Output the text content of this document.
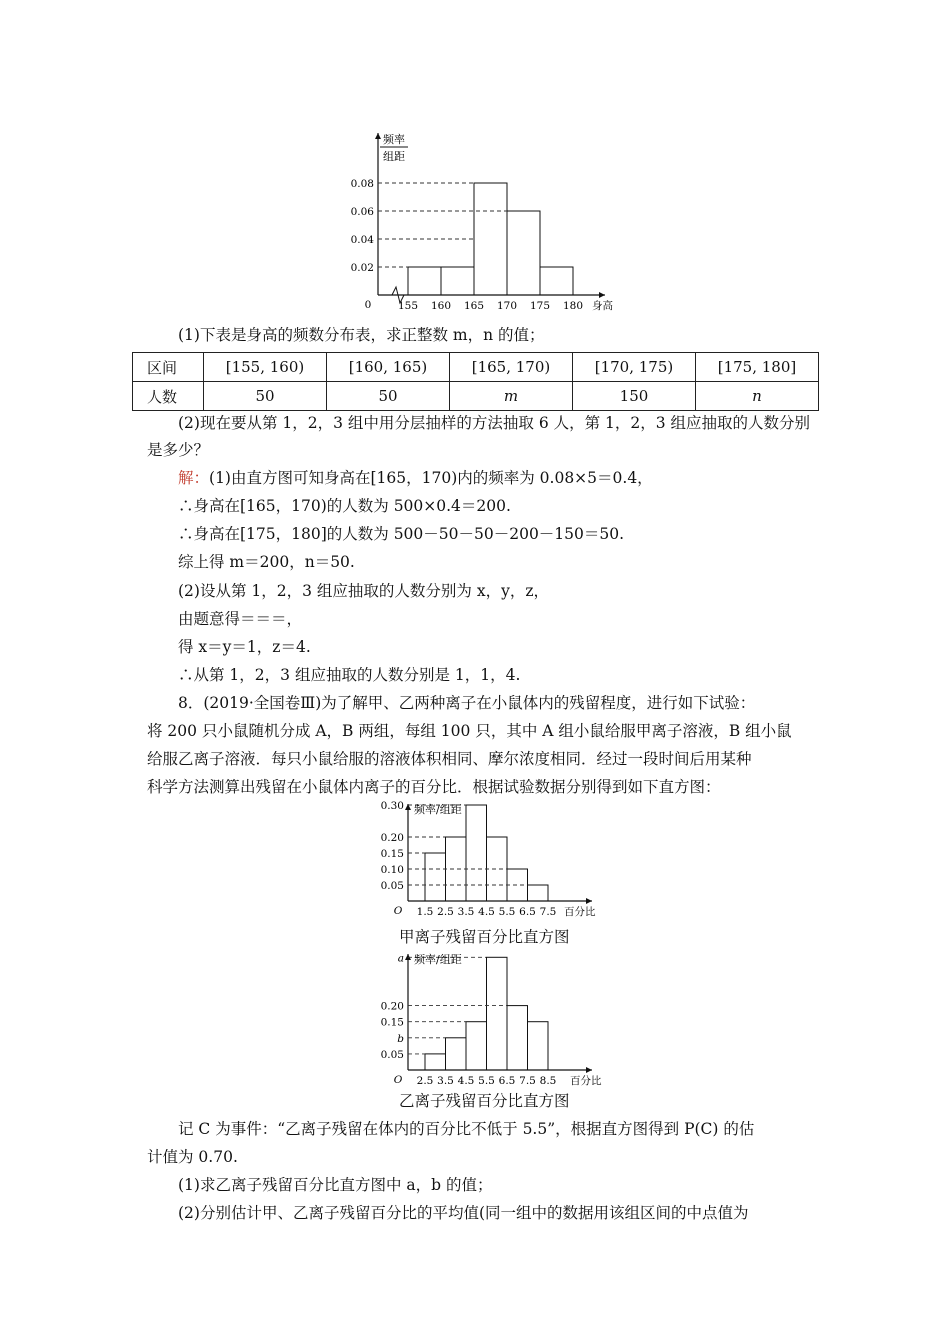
0	155 160 165 170 175 180 身高
0.02
0.04
0.06
0.08
频率
组距
(1)下表是身高的频数分布表，求正整数 m，n 的值；
区间	[155, 160)	[160, 165)	[165, 170)	[170, 175)	[175, 180]
人数	50	50	m	150	n
(2)现在要从第 1，2，3 组中用分层抽样的方法抽取 6 人，第 1，2，3 组应抽取的人数分别
是多少？
解：(1)由直方图可知身高在[165，170)内的频率为 0.08×5＝0.4，
∴身高在[165，170)的人数为 500×0.4＝200.
∴身高在[175，180]的人数为 500－50－50－200－150＝50.
综上得 m＝200，n＝50.
(2)设从第 1，2，3 组应抽取的人数分别为 x，y，z，
由题意得＝＝＝，
得 x＝y＝1，z＝4.
∴从第 1，2，3 组应抽取的人数分别是 1，1，4.
8．(2019·全国卷Ⅲ)为了解甲、乙两种离子在小鼠体内的残留程度，进行如下试验：
将 200 只小鼠随机分成 A，B 两组，每组 100 只，其中 A 组小鼠给服甲离子溶液，B 组小鼠
给服乙离子溶液．每只小鼠给服的溶液体积相同、摩尔浓度相同．经过一段时间后用某种
科学方法测算出残留在小鼠体内离子的百分比．根据试验数据分别得到如下直方图：
O 1.5 2.5 3.5 4.5 5.5 6.5 7.5 百分比
0.05
0.10
0.15
0.20
0.30 频率/组距
甲离子残留百分比直方图
O 2.5 3.5 4.5 5.5 6.5 7.5 8.5 百分比
0.05
b
0.15
0.20
a 频率/组距
乙离子残留百分比直方图
记 C 为事件：“乙离子残留在体内的百分比不低于 5.5”，根据直方图得到 P(C) 的估
计值为 0.70.
(1)求乙离子残留百分比直方图中 a，b 的值；
(2)分别估计甲、乙离子残留百分比的平均值(同一组中的数据用该组区间的中点值为
